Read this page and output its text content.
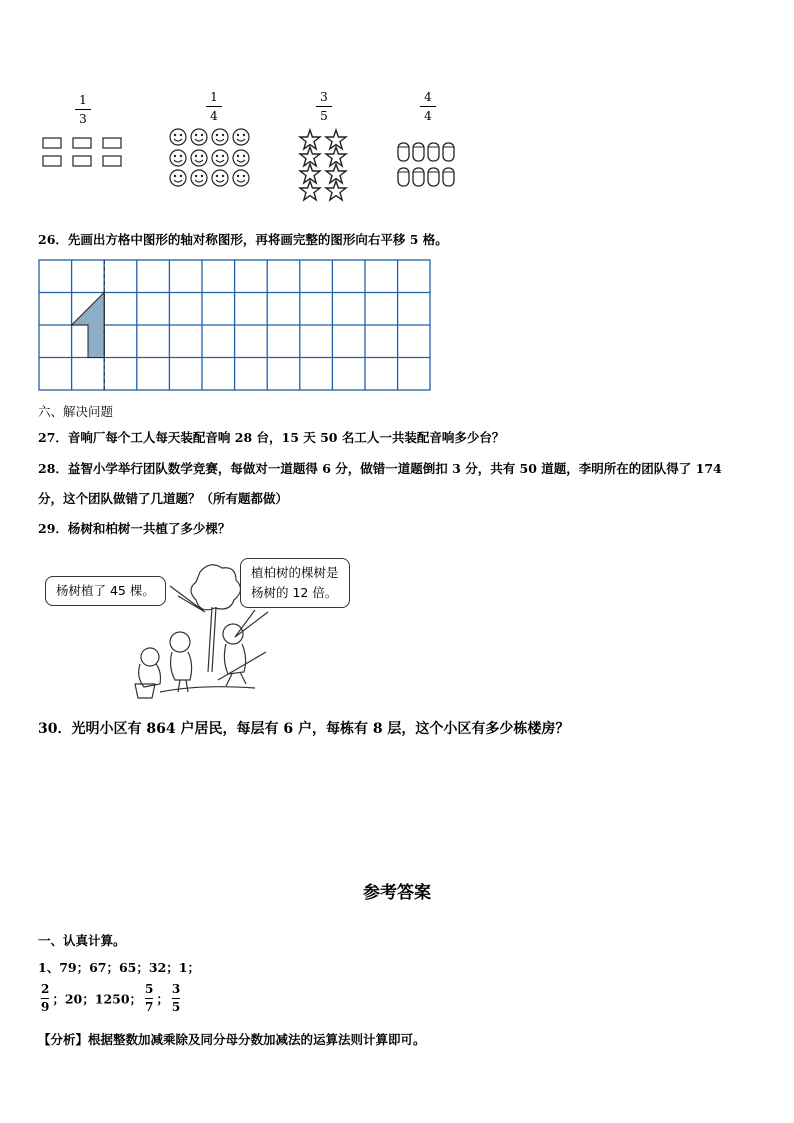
1
3
1
4
3
5
4
4
26．先画出方格中图形的轴对称图形，再将画完整的图形向右平移 5 格。
六、解决问题
27．音响厂每个工人每天装配音响 28 台，15 天 50 名工人一共装配音响多少台？
28．益智小学举行团队数学竞赛，每做对一道题得 6 分，做错一道题倒扣 3 分，共有 50 道题，李明所在的团队得了 174
分，这个团队做错了几道题？（所有题都做）
29．杨树和柏树一共植了多少棵？
杨树植了 45 棵。
植柏树的棵树是
杨树的 12 倍。
30．光明小区有 864 户居民，每层有 6 户，每栋有 8 层，这个小区有多少栋楼房？
参考答案
一、认真计算。
1、79；67；65；32；1；
$\frac{2}{9}$ ；20；1250； $\frac{5}{7}$ ； $\frac{3}{5}$
【分析】根据整数加减乘除及同分母分数加减法的运算法则计算即可。
